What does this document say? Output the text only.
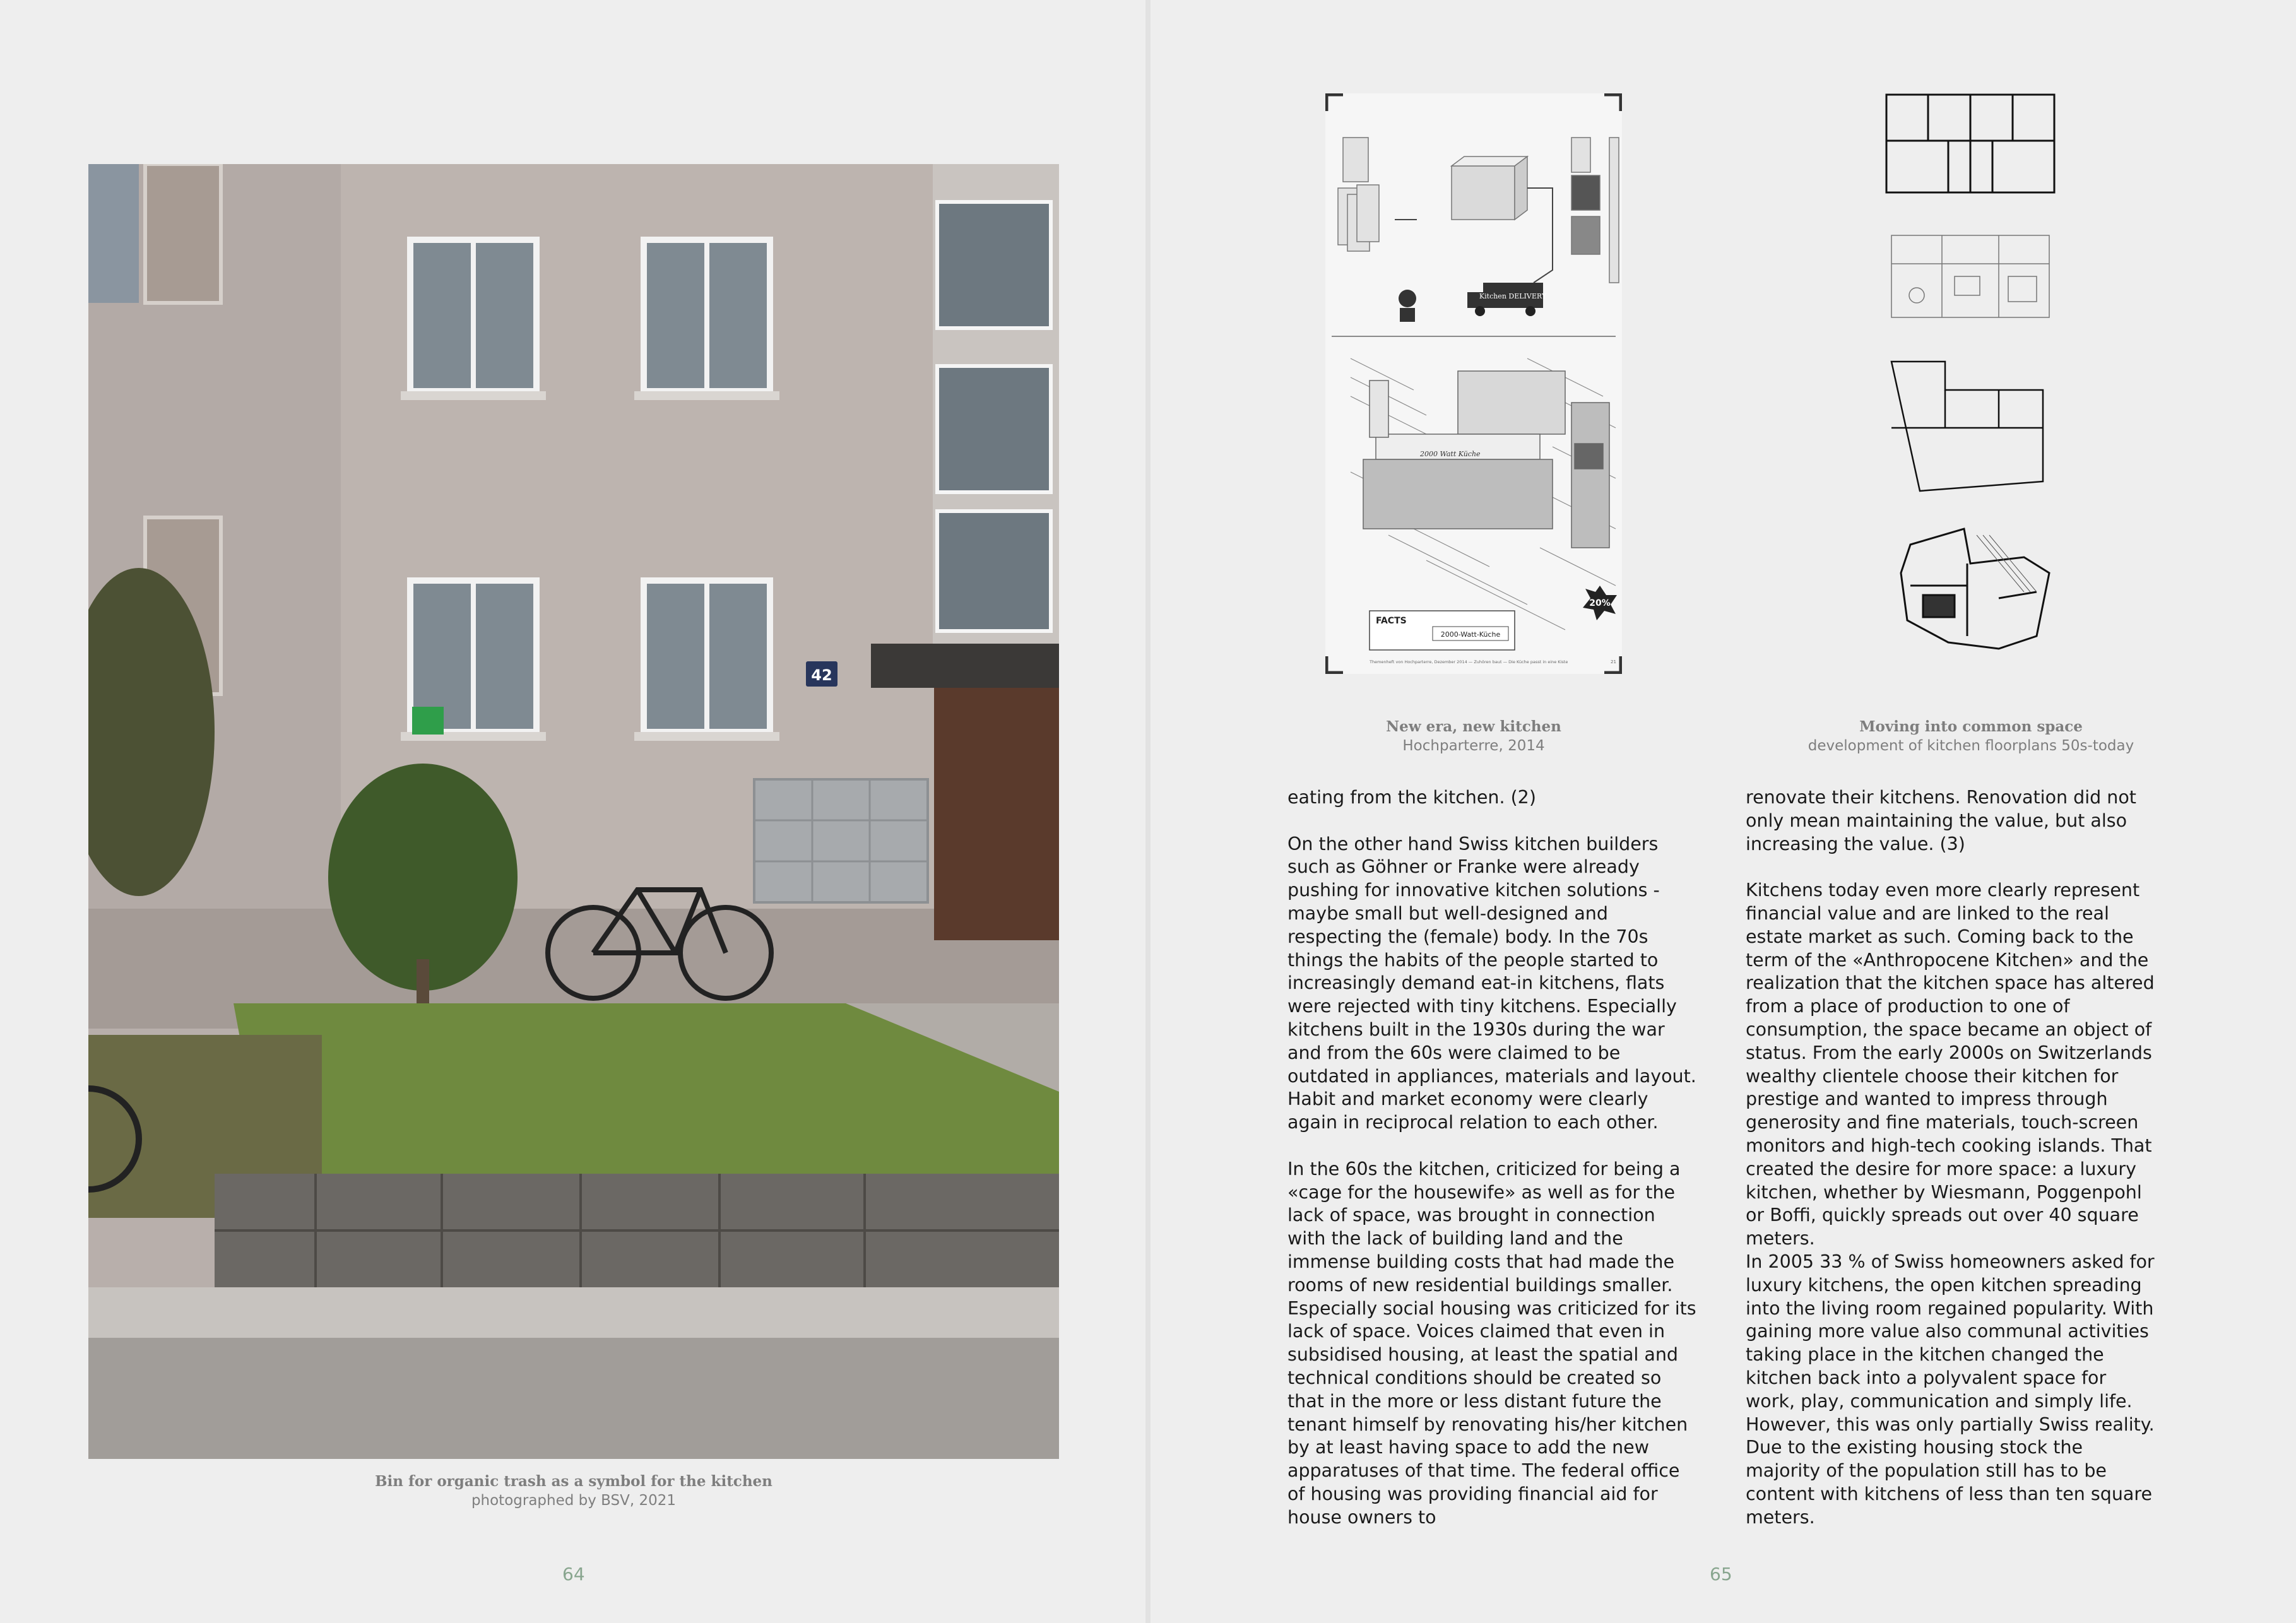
42
Bin for organic trash as a symbol for the kitchen
photographed by BSV, 2021
64
Kitchen DELIVERY
2000 Watt Küche
20%
FACTS
2000-Watt-Küche
Themenheft von Hochparterre, Dezember 2014 — Zuhören baut — Die Küche passt in eine Kiste	21
New era, new kitchen
Hochparterre, 2014
Moving into common space
development of kitchen floorplans 50s-today

eating from the kitchen. (2)

On the other hand Swiss kitchen builders such as Göhner or Franke were already pushing for innovative kitchen solutions - maybe small but well-designed and respecting the (female) body. In the 70s things the habits of the people started to increasingly demand eat-in kitchens, flats were rejected with tiny kitchens. Especially kitchens built in the 1930s during the war and from the 60s were claimed to be outdated in appliances, materials and layout. Habit and market economy were clearly again in reciprocal relation to each other.

In the 60s the kitchen, criticized for being a «cage for the housewife» as well as for the lack of space, was brought in connection with the lack of building land and the immense building costs that had made the rooms of new residential buildings smaller. Especially social housing was criticized for its lack of space. Voices claimed that even in subsidised housing, at least the spatial and technical conditions should be created so that in the more or less distant future the tenant himself by renovating his/her kitchen by at least having space to add the new apparatuses of that time. The federal office of housing was providing financial aid for house owners to

renovate their kitchens. Renovation did not only mean maintaining the value, but also increasing the value. (3)

Kitchens today even more clearly represent financial value and are linked to the real estate market as such. Coming back to the term of the «Anthropocene Kitchen» and the realization that the kitchen space has altered from a place of production to one of consumption, the space became an object of status. From the early 2000s on Switzerlands wealthy clientele choose their kitchen for prestige and wanted to impress through generosity and fine materials, touch-screen monitors and high-tech cooking islands. That created the desire for more space: a luxury kitchen, whether by Wiesmann, Poggenpohl or Boffi, quickly spreads out over 40 square meters.

In 2005 33 % of Swiss homeowners asked for luxury kitchens, the open kitchen spreading into the living room regained popularity. With gaining more value also communal activities taking place in the kitchen changed the kitchen back into a polyvalent space for work, play, communication and simply life. However, this was only partially Swiss reality. Due to the existing housing stock the majority of the population still has to be content with kitchens of less than ten square meters.

65
